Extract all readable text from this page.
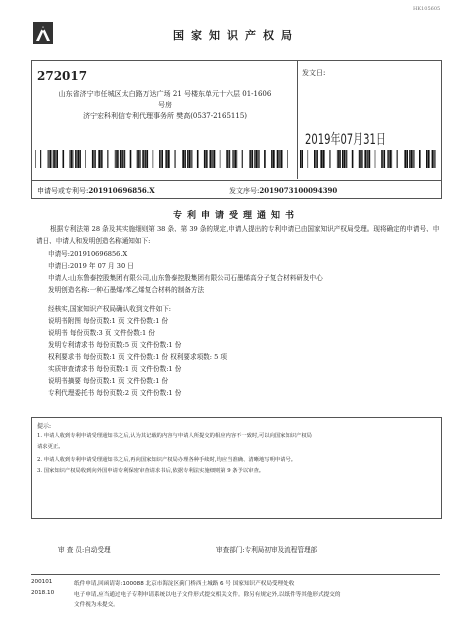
HK105605
国家知识产权局
272017
山东省济宁市任城区太白路万达广场 21 号楼东单元十六层 01-1606
号房
济宁宏科利信专利代理事务所 樊高(0537-2165115)
发文日:
2019年07月31日
申请号或专利号:201910696856.X	发文序号:2019073100094390
专利申请受理通知书

根据专利法第 28 条及其实施细则第 38 条、第 39 条的规定,申请人提出的专利申请已由国家知识产权局受理。现将确定的申请号、申请日、申请人和发明创造名称通知如下:

申请号:201910696856.X
申请日:2019 年 07 月 30 日
申请人:山东鲁泰控股集团有限公司,山东鲁泰控股集团有限公司石墨烯高分子复合材料研发中心
发明创造名称:一种石墨烯/苯乙烯复合材料的制备方法
经核实,国家知识产权局确认收到文件如下:
说明书附图 每份页数:1 页 文件份数:1 份
说明书 每份页数:3 页 文件份数:1 份
发明专利请求书 每份页数:5 页 文件份数:1 份
权利要求书 每份页数:1 页 文件份数:1 份 权利要求项数: 5 项
实质审查请求书 每份页数:1 页 文件份数:1 份
说明书摘要 每份页数:1 页 文件份数:1 份
专利代理委托书 每份页数:2 页 文件份数:1 份
提示:
1. 申请人收到专利申请受理通知书之后,认为其记载的内容与申请人所提交的相应内容不一致时,可以向国家知识产权局
请求更正。
2. 申请人收到专利申请受理通知书之后,再向国家知识产权局办理各种手续时,均应当准确、清晰地写明申请号。
3. 国家知识产权局收到向外国申请专利保密审查请求书后,依据专利法实施细则第 9 条予以审查。
审 查 员:自动受理	审查部门:专利局初审及流程管理部
200101	纸件申请,回函请寄:100088 北京市海淀区蓟门桥西土城路 6 号 国家知识产权局受理处收
2018.10	电子申请,应当通过电子专利申请系统以电子文件形式提交相关文件。除另有规定外,以纸件等其他形式提交的
文件视为未提交。
